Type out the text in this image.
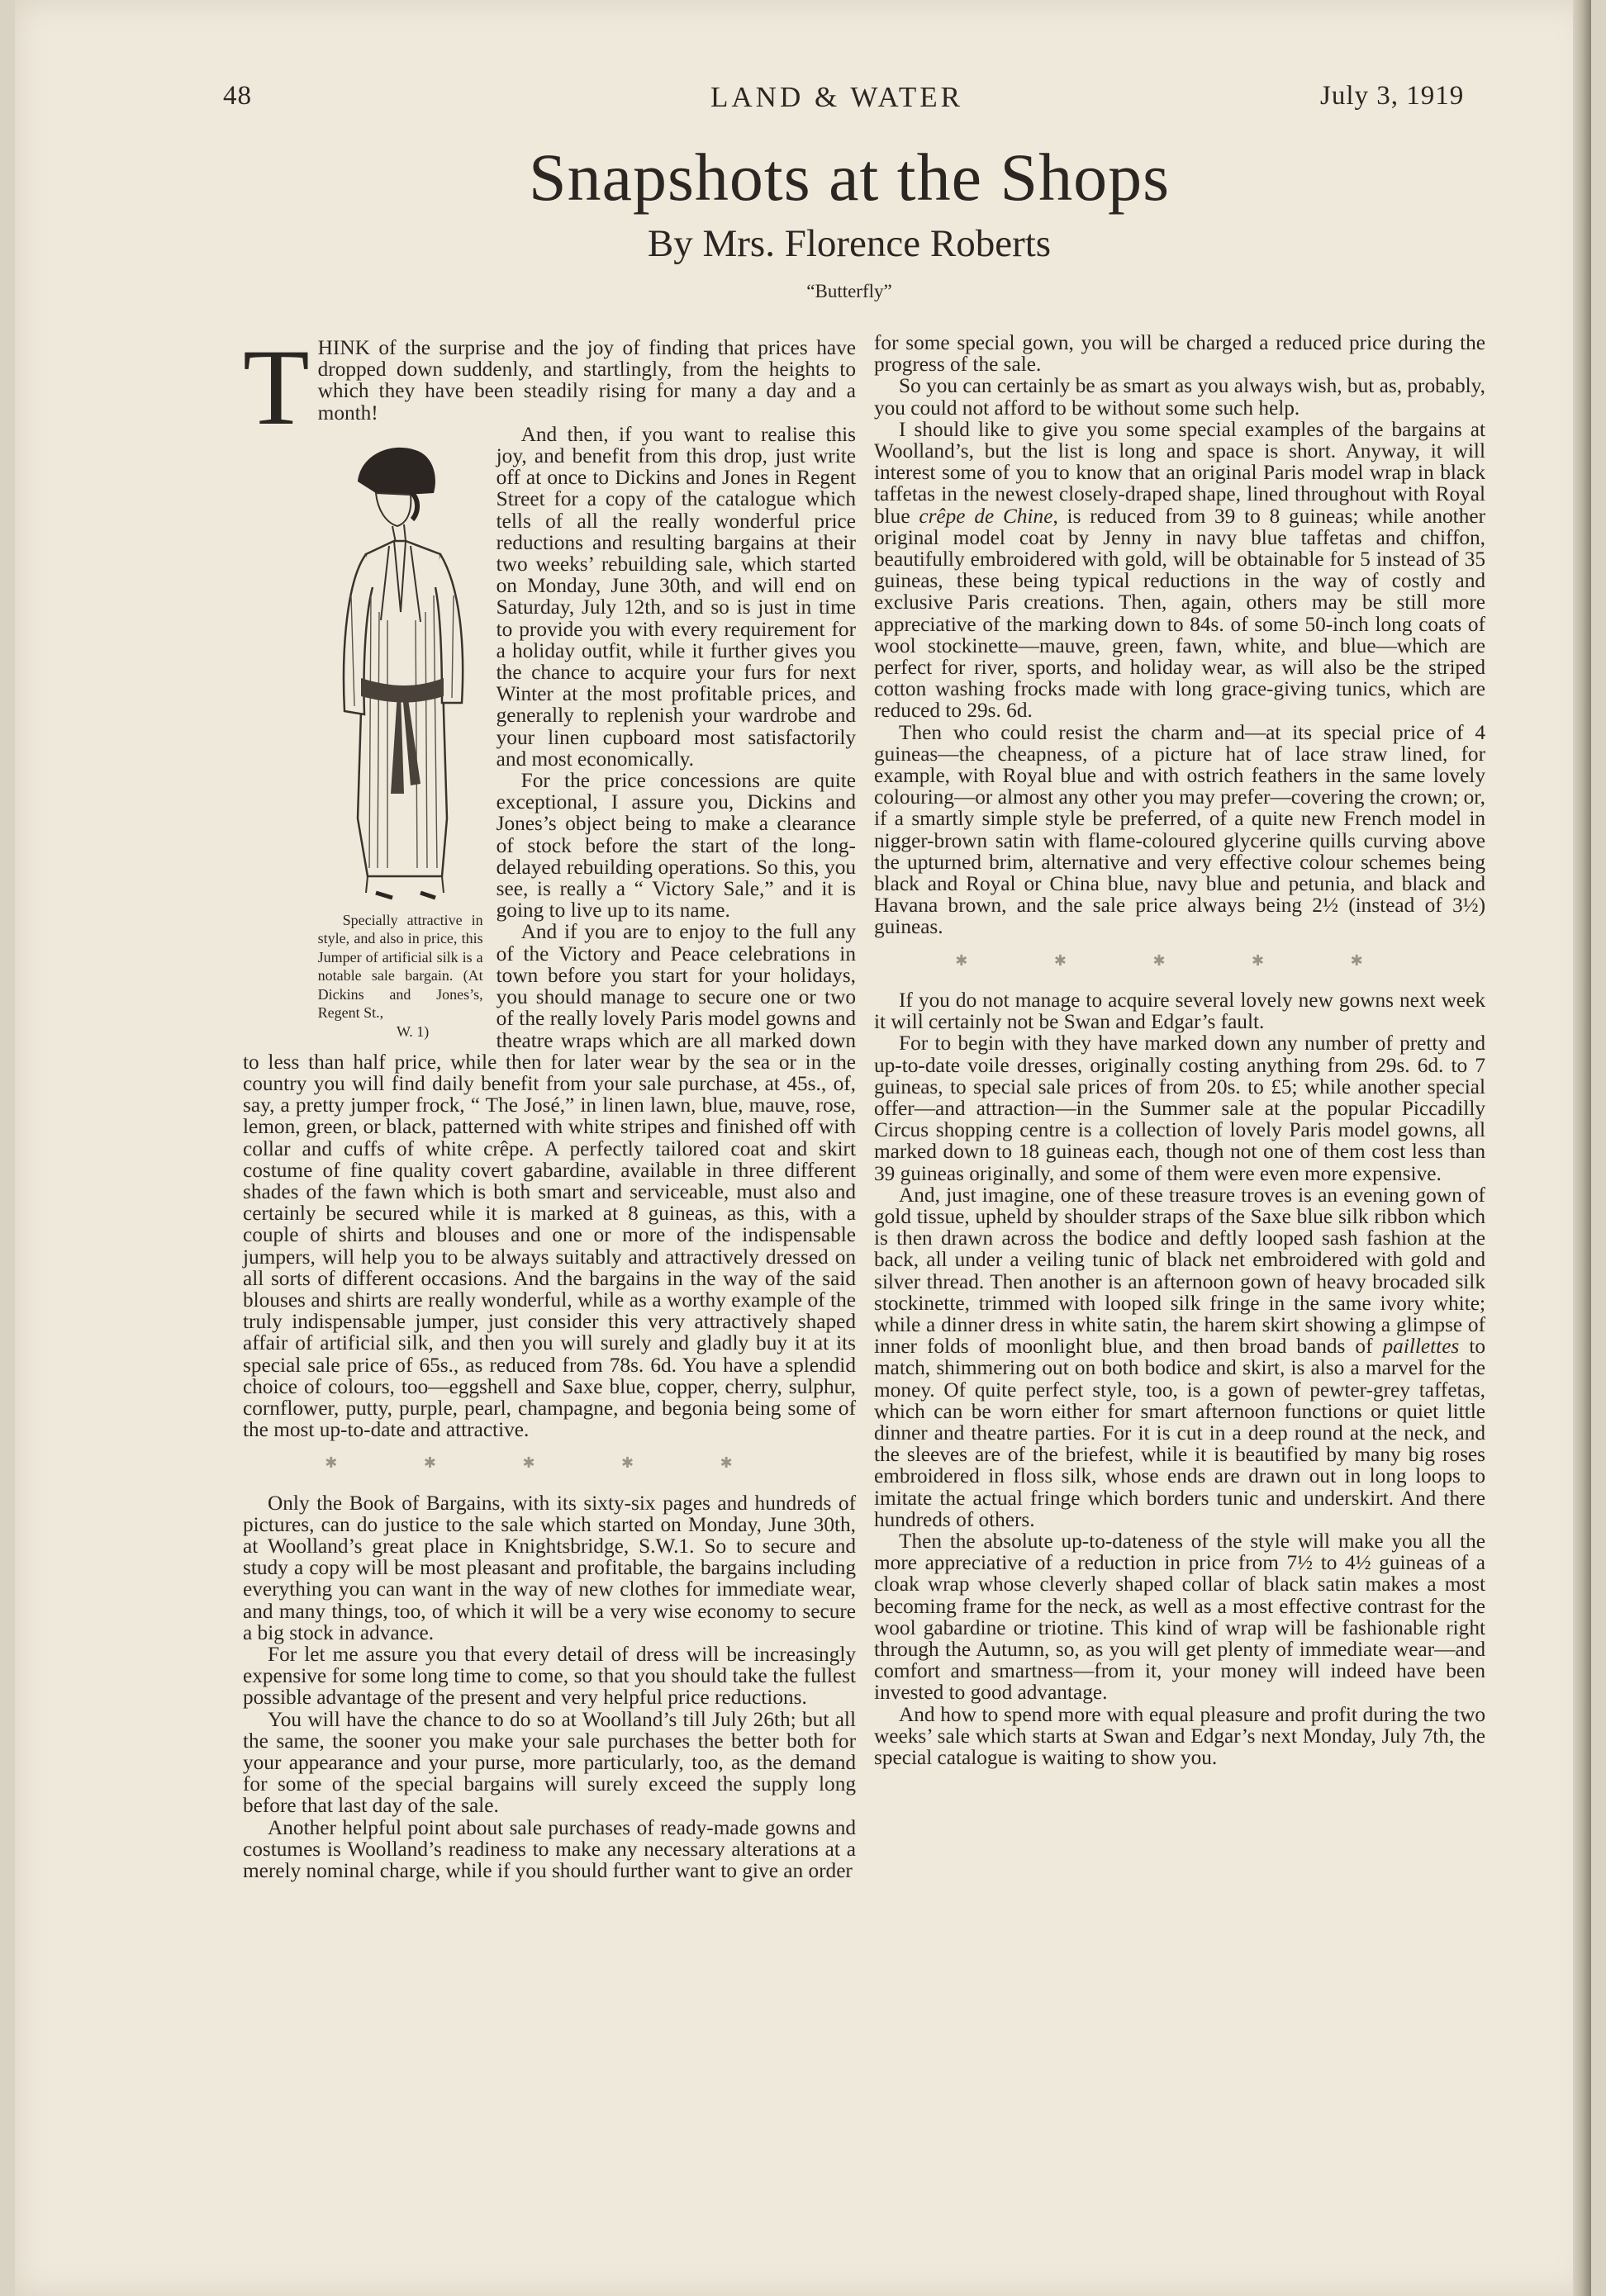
48	LAND & WATER	July 3, 1919
Snapshots at the Shops
By Mrs. Florence Roberts
“Butterfly”

THINK of the surprise and the joy of finding that prices have dropped down suddenly, and startlingly, from the heights to which they have been steadily rising for many a day and a month!

Specially attractive in style, and also in price, this Jumper of artificial silk is a notable sale bargain. (At Dickins and Jones’s, Regent St.,
W. 1)
And then, if you want to realise this joy, and benefit from this drop, just write off at once to Dickins and Jones in Regent Street for a copy of the catalogue which tells of all the really wonderful price reductions and resulting bargains at their two weeks’ rebuilding sale, which started on Monday, June 30th, and will end on Saturday, July 12th, and so is just in time to provide you with every requirement for a holiday outfit, while it further gives you the chance to acquire your furs for next Winter at the most profitable prices, and generally to replenish your wardrobe and your linen cupboard most satisfactorily and most economically.

For the price concessions are quite exceptional, I assure you, Dickins and Jones’s object being to make a clearance of stock before the start of the long-delayed rebuilding operations. So this, you see, is really a “ Victory Sale,” and it is going to live up to its name.

And if you are to enjoy to the full any of the Victory and Peace celebrations in town before you start for your holidays, you should manage to secure one or two of the really lovely Paris model gowns and theatre wraps which are all marked down to less than half price, while then for later wear by the sea or in the country you will find daily benefit from your sale purchase, at 45s., of, say, a pretty jumper frock, “ The José,” in linen lawn, blue, mauve, rose, lemon, green, or black, patterned with white stripes and finished off with collar and cuffs of white crêpe. A perfectly tailored coat and skirt costume of fine quality covert gabardine, available in three different shades of the fawn which is both smart and serviceable, must also and certainly be secured while it is marked at 8 guineas, as this, with a couple of shirts and blouses and one or more of the indispensable jumpers, will help you to be always suitably and attractively dressed on all sorts of different occasions. And the bargains in the way of the said blouses and shirts are really wonderful, while as a worthy example of the truly indispensable jumper, just consider this very attractively shaped affair of artificial silk, and then you will surely and gladly buy it at its special sale price of 65s., as reduced from 78s. 6d. You have a splendid choice of colours, too—eggshell and Saxe blue, copper, cherry, sulphur, cornflower, putty, purple, pearl, champagne, and begonia being some of the most up-to-date and attractive.

✱ ✱ ✱ ✱ ✱

Only the Book of Bargains, with its sixty-six pages and hundreds of pictures, can do justice to the sale which started on Monday, June 30th, at Woolland’s great place in Knightsbridge, S.W.1. So to secure and study a copy will be most pleasant and profitable, the bargains including everything you can want in the way of new clothes for immediate wear, and many things, too, of which it will be a very wise economy to secure a big stock in advance.

For let me assure you that every detail of dress will be increasingly expensive for some long time to come, so that you should take the fullest possible advantage of the present and very helpful price reductions.

You will have the chance to do so at Woolland’s till July 26th; but all the same, the sooner you make your sale purchases the better both for your appearance and your purse, more particularly, too, as the demand for some of the special bargains will surely exceed the supply long before that last day of the sale.

Another helpful point about sale purchases of ready-made gowns and costumes is Woolland’s readiness to make any necessary alterations at a merely nominal charge, while if you should further want to give an order

for some special gown, you will be charged a reduced price during the progress of the sale.

So you can certainly be as smart as you always wish, but as, probably, you could not afford to be without some such help.

I should like to give you some special examples of the bargains at Woolland’s, but the list is long and space is short. Anyway, it will interest some of you to know that an original Paris model wrap in black taffetas in the newest closely-draped shape, lined throughout with Royal blue crêpe de Chine, is reduced from 39 to 8 guineas; while another original model coat by Jenny in navy blue taffetas and chiffon, beautifully embroidered with gold, will be obtainable for 5 instead of 35 guineas, these being typical reductions in the way of costly and exclusive Paris creations. Then, again, others may be still more appreciative of the marking down to 84s. of some 50-inch long coats of wool stockinette—mauve, green, fawn, white, and blue—which are perfect for river, sports, and holiday wear, as will also be the striped cotton washing frocks made with long grace-giving tunics, which are reduced to 29s. 6d.

Then who could resist the charm and—at its special price of 4 guineas—the cheapness, of a picture hat of lace straw lined, for example, with Royal blue and with ostrich feathers in the same lovely colouring—or almost any other you may prefer—covering the crown; or, if a smartly simple style be preferred, of a quite new French model in nigger-brown satin with flame-coloured glycerine quills curving above the upturned brim, alternative and very effective colour schemes being black and Royal or China blue, navy blue and petunia, and black and Havana brown, and the sale price always being 2½ (instead of 3½) guineas.

✱ ✱ ✱ ✱ ✱

If you do not manage to acquire several lovely new gowns next week it will certainly not be Swan and Edgar’s fault.

For to begin with they have marked down any number of pretty and up-to-date voile dresses, originally costing anything from 29s. 6d. to 7 guineas, to special sale prices of from 20s. to £5; while another special offer—and attraction—in the Summer sale at the popular Piccadilly Circus shopping centre is a collection of lovely Paris model gowns, all marked down to 18 guineas each, though not one of them cost less than 39 guineas originally, and some of them were even more expensive.

And, just imagine, one of these treasure troves is an evening gown of gold tissue, upheld by shoulder straps of the Saxe blue silk ribbon which is then drawn across the bodice and deftly looped sash fashion at the back, all under a veiling tunic of black net embroidered with gold and silver thread. Then another is an afternoon gown of heavy brocaded silk stockinette, trimmed with looped silk fringe in the same ivory white; while a dinner dress in white satin, the harem skirt showing a glimpse of inner folds of moonlight blue, and then broad bands of paillettes to match, shimmering out on both bodice and skirt, is also a marvel for the money. Of quite perfect style, too, is a gown of pewter-grey taffetas, which can be worn either for smart afternoon functions or quiet little dinner and theatre parties. For it is cut in a deep round at the neck, and the sleeves are of the briefest, while it is beautified by many big roses embroidered in floss silk, whose ends are drawn out in long loops to imitate the actual fringe which borders tunic and underskirt. And there hundreds of others.

Then the absolute up-to-dateness of the style will make you all the more appreciative of a reduction in price from 7½ to 4½ guineas of a cloak wrap whose cleverly shaped collar of black satin makes a most becoming frame for the neck, as well as a most effective contrast for the wool gabardine or triotine. This kind of wrap will be fashionable right through the Autumn, so, as you will get plenty of immediate wear—and comfort and smartness—from it, your money will indeed have been invested to good advantage.

And how to spend more with equal pleasure and profit during the two weeks’ sale which starts at Swan and Edgar’s next Monday, July 7th, the special catalogue is waiting to show you.
